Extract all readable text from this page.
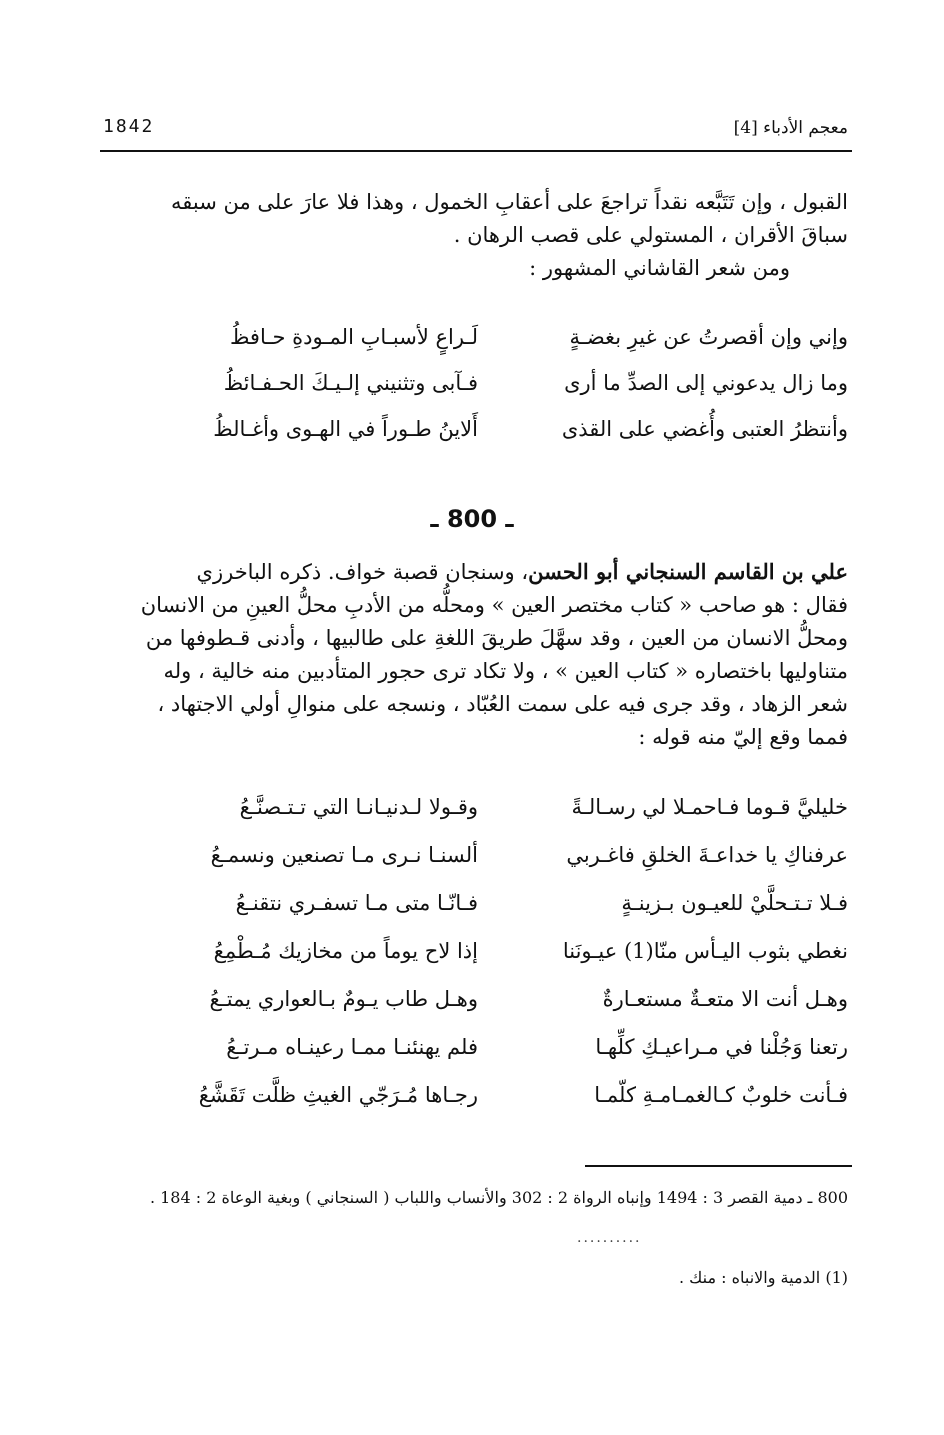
معجم الأدباء [4]
1842
القبول ، وإن تَتَبَّعه نقداً تراجعَ على أعقابِ الخمول ، وهذا فلا عارَ على من سبقه
سباقَ الأقران ، المستولي على قصب الرهان .
ومن شعر القاشاني المشهور :
وإني وإن أقصرتُ عن غيرِ بغضـةٍ
لَـراعٍ لأسبـابِ المـودةِ حـافظُ
وما زال يدعوني إلى الصدِّ ما أرى
فـآبى وتثنيني إلـيـكَ الحـفـائظُ
وأنتظرُ العتبى وأُغضي على القذى
أَلاينُ طـوراً في الهـوى وأغـالظُ
ـ 800 ـ
علي بن القاسم السنجاني أبو الحسن، وسنجان قصبة خواف. ذكره الباخرزي
فقال : هو صاحب « كتاب مختصر العين » ومحلُّه من الأدبِ محلُّ العينِ من الانسان
ومحلُّ الانسان من العين ، وقد سهَّلَ طريقَ اللغةِ على طالبيها ، وأدنى قـطوفها من
متناوليها باختصاره « كتاب العين » ، ولا تكاد ترى حجور المتأدبين منه خالية ، وله
شعر الزهاد ، وقد جرى فيه على سمت العُبّاد ، ونسجه على منوالِ أولي الاجتهاد ،
فمما وقع إليّ منه قوله :
خليليَّ قـوما فـاحمـلا لي رسـالـةً
وقـولا لـدنيـانـا التي تـتـصنَّـعُ
عرفناكِ يا خداعـةَ الخلقِ فاغـربي
ألسنـا نـرى مـا تصنعين ونسمـعُ
فـلا تـتـحلَّيْ للعيـون بـزينـةٍ
فـانّـا متى مـا تسفـري نتقنـعُ
نغطي بثوب اليـأس منّا(1) عيـونَنا
إذا لاح يوماً من مخازيك مُـطْمِعُ
وهـل أنت الا متعـةٌ مستعـارةٌ
وهـل طاب يـومٌ بـالعواري يمتـعُ
رتعنا وَجُلْنا في مـراعيـكِ كلِّهـا
فلم يهنئنـا ممـا رعينـاه مـرتـعُ
فـأنت خلوبٌ كـالغمـامـةِ كلّمـا
رجـاها مُـرَجّي الغيثِ ظلَّت تَقَشَّعُ
800 ـ دمية القصر 3 : 1494 وإنباه الرواة 2 : 302 والأنساب واللباب ( السنجاني ) وبغية الوعاة 2 : 184 .
..........
(1) الدمية والانباه : منك .
